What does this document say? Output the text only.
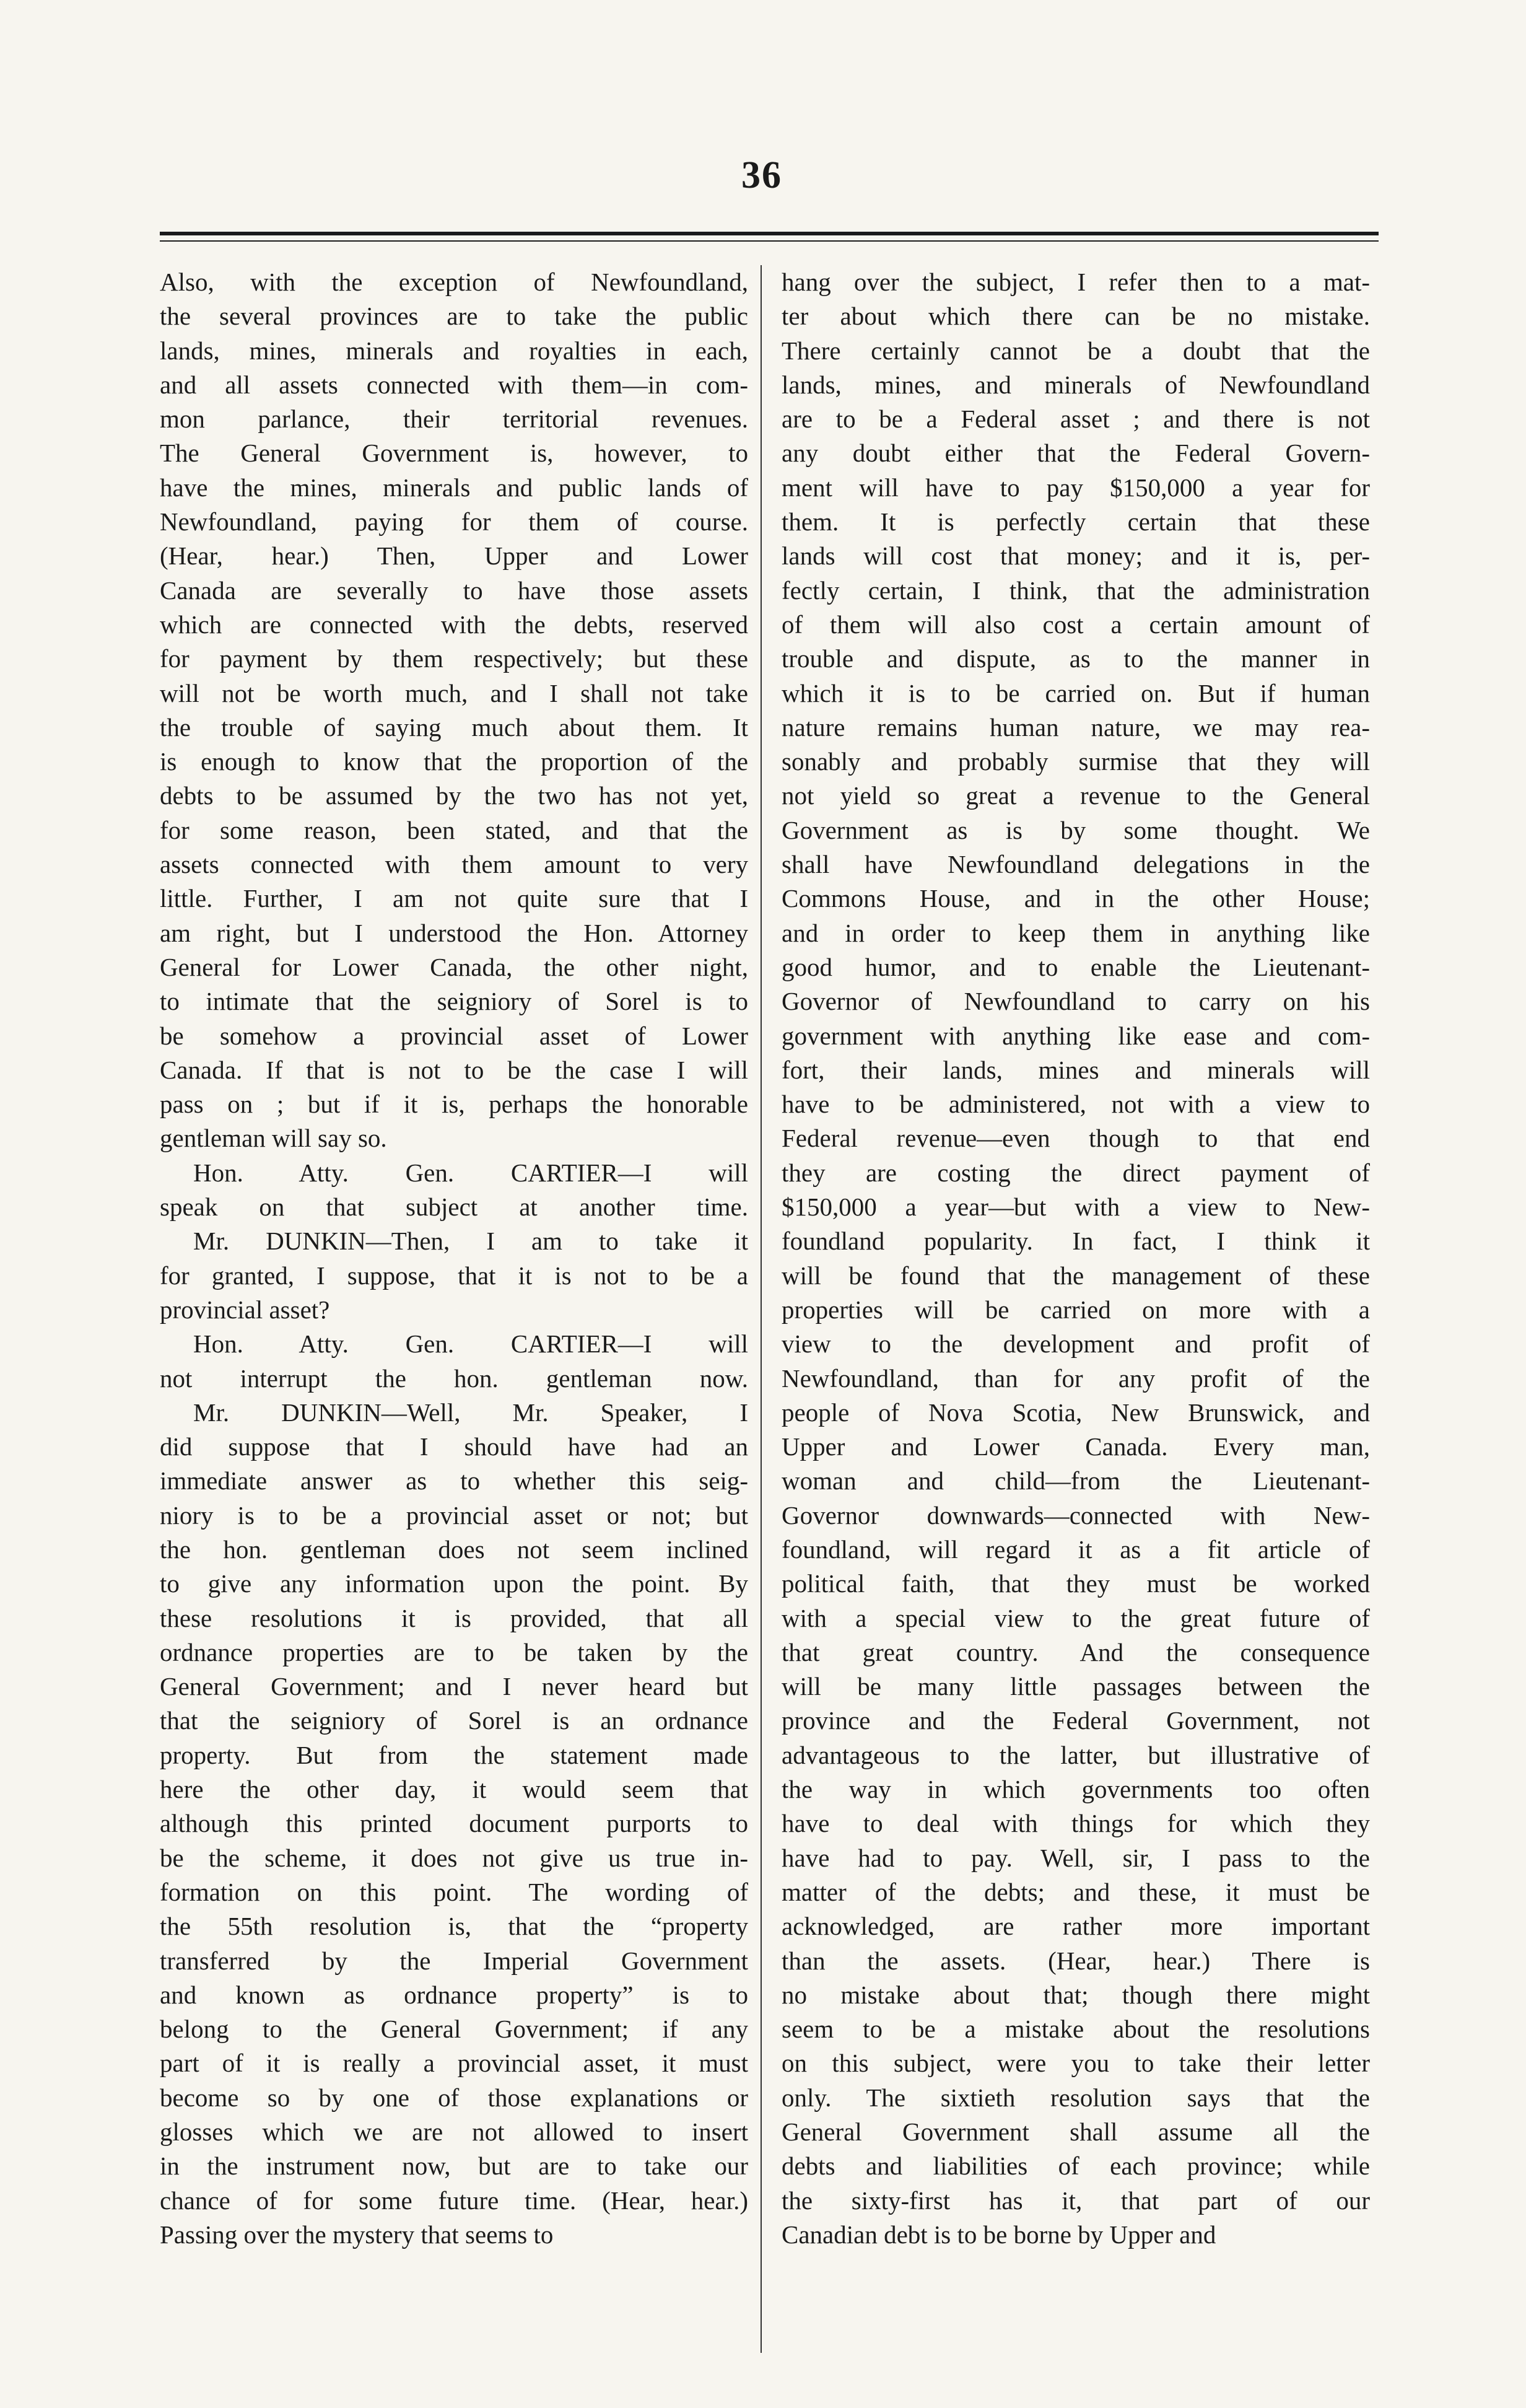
36
Also, with the exception of Newfoundland,
the several provinces are to take the public
lands, mines, minerals and royalties in each,
and all assets connected with them—in com-
mon parlance, their territorial revenues.
The General Government is, however, to
have the mines, minerals and public lands of
Newfoundland, paying for them of course.
(Hear, hear.) Then, Upper and Lower
Canada are severally to have those assets
which are connected with the debts, reserved
for payment by them respectively; but these
will not be worth much, and I shall not take
the trouble of saying much about them. It
is enough to know that the proportion of the
debts to be assumed by the two has not yet,
for some reason, been stated, and that the
assets connected with them amount to very
little. Further, I am not quite sure that I
am right, but I understood the Hon. Attorney
General for Lower Canada, the other night,
to intimate that the seigniory of Sorel is to
be somehow a provincial asset of Lower
Canada. If that is not to be the case I will
pass on ; but if it is, perhaps the honorable
gentleman will say so.
Hon. Atty. Gen. CARTIER—I will
speak on that subject at another time.
Mr. DUNKIN—Then, I am to take it
for granted, I suppose, that it is not to be a
provincial asset?
Hon. Atty. Gen. CARTIER—I will
not interrupt the hon. gentleman now.
Mr. DUNKIN—Well, Mr. Speaker, I
did suppose that I should have had an
immediate answer as to whether this seig-
niory is to be a provincial asset or not; but
the hon. gentleman does not seem inclined
to give any information upon the point. By
these resolutions it is provided, that all
ordnance properties are to be taken by the
General Government; and I never heard but
that the seigniory of Sorel is an ordnance
property. But from the statement made
here the other day, it would seem that
although this printed document purports to
be the scheme, it does not give us true in-
formation on this point. The wording of
the 55th resolution is, that the “property
transferred by the Imperial Government
and known as ordnance property” is to
belong to the General Government; if any
part of it is really a provincial asset, it must
become so by one of those explanations or
glosses which we are not allowed to insert
in the instrument now, but are to take our
chance of for some future time. (Hear, hear.)
Passing over the mystery that seems to
hang over the subject, I refer then to a mat-
ter about which there can be no mistake.
There certainly cannot be a doubt that the
lands, mines, and minerals of Newfoundland
are to be a Federal asset ; and there is not
any doubt either that the Federal Govern-
ment will have to pay $150,000 a year for
them. It is perfectly certain that these
lands will cost that money; and it is, per-
fectly certain, I think, that the administration
of them will also cost a certain amount of
trouble and dispute, as to the manner in
which it is to be carried on. But if human
nature remains human nature, we may rea-
sonably and probably surmise that they will
not yield so great a revenue to the General
Government as is by some thought. We
shall have Newfoundland delegations in the
Commons House, and in the other House;
and in order to keep them in anything like
good humor, and to enable the Lieutenant-
Governor of Newfoundland to carry on his
government with anything like ease and com-
fort, their lands, mines and minerals will
have to be administered, not with a view to
Federal revenue—even though to that end
they are costing the direct payment of
$150,000 a year—but with a view to New-
foundland popularity. In fact, I think it
will be found that the management of these
properties will be carried on more with a
view to the development and profit of
Newfoundland, than for any profit of the
people of Nova Scotia, New Brunswick, and
Upper and Lower Canada. Every man,
woman and child—from the Lieutenant-
Governor downwards—connected with New-
foundland, will regard it as a fit article of
political faith, that they must be worked
with a special view to the great future of
that great country. And the consequence
will be many little passages between the
province and the Federal Government, not
advantageous to the latter, but illustrative of
the way in which governments too often
have to deal with things for which they
have had to pay. Well, sir, I pass to the
matter of the debts; and these, it must be
acknowledged, are rather more important
than the assets. (Hear, hear.) There is
no mistake about that; though there might
seem to be a mistake about the resolutions
on this subject, were you to take their letter
only. The sixtieth resolution says that the
General Government shall assume all the
debts and liabilities of each province; while
the sixty-first has it, that part of our
Canadian debt is to be borne by Upper and
